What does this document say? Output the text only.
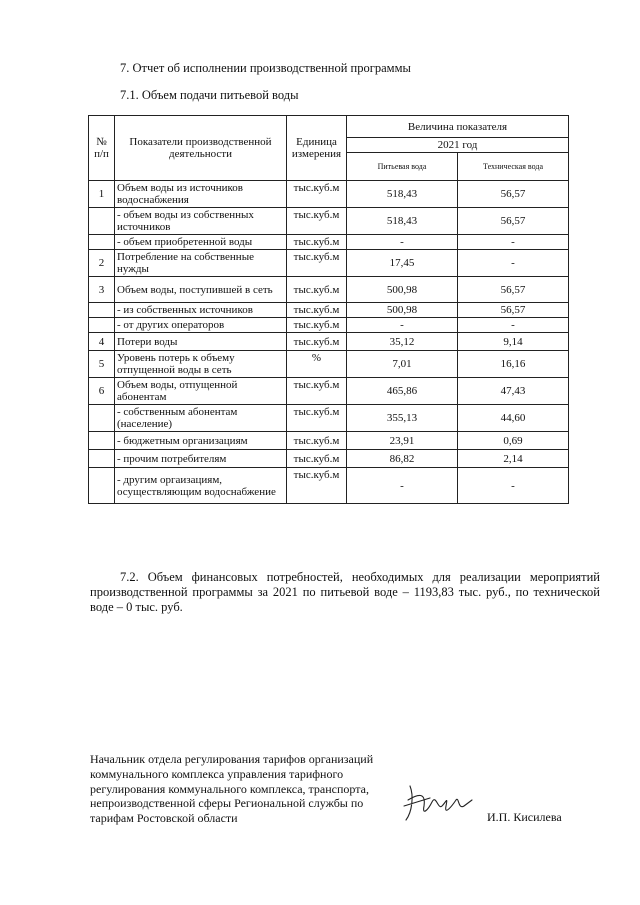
7. Отчет об исполнении производственной программы
7.1. Объем подачи питьевой воды
№ п/п	Показатели производственной деятельности	Единица измерения	Величина показателя	
			2021 год	
			Питьевая вода	Техническая вода
1	Объем воды из источников водоснабжения	тыс.куб.м	518,43	56,57
	- объем воды из собственных источников	тыс.куб.м	518,43	56,57
	- объем приобретенной воды	тыс.куб.м	-	-
2	Потребление на собственные нужды	тыс.куб.м	17,45	-
3	Объем воды, поступившей в сеть	тыс.куб.м	500,98	56,57
	- из собственных источников	тыс.куб.м	500,98	56,57
	- от других операторов	тыс.куб.м	-	-
4	Потери воды	тыс.куб.м	35,12	9,14
5	Уровень потерь к объему отпущенной воды в сеть	%	7,01	16,16
6	Объем воды, отпущенной абонентам	тыс.куб.м	465,86	47,43
	- собственным абонентам (население)	тыс.куб.м	355,13	44,60
	- бюджетным организациям	тыс.куб.м	23,91	0,69
	- прочим потребителям	тыс.куб.м	86,82	2,14
	- другим оргаизациям, осуществляющим водоснабжение	тыс.куб.м	-	-

7.2. Объем финансовых потребностей, необходимых для реализации мероприятий производственной программы за 2021 по питьевой воде – 1193,83 тыс. руб., по технической воде – 0 тыс. руб.

Начальник отдела регулирования тарифов организаций
коммунального комплекса управления тарифного
регулирования коммунального комплекса, транспорта,
непроизводственной сферы Региональной службы по
тарифам Ростовской области	И.П. Кисилева
